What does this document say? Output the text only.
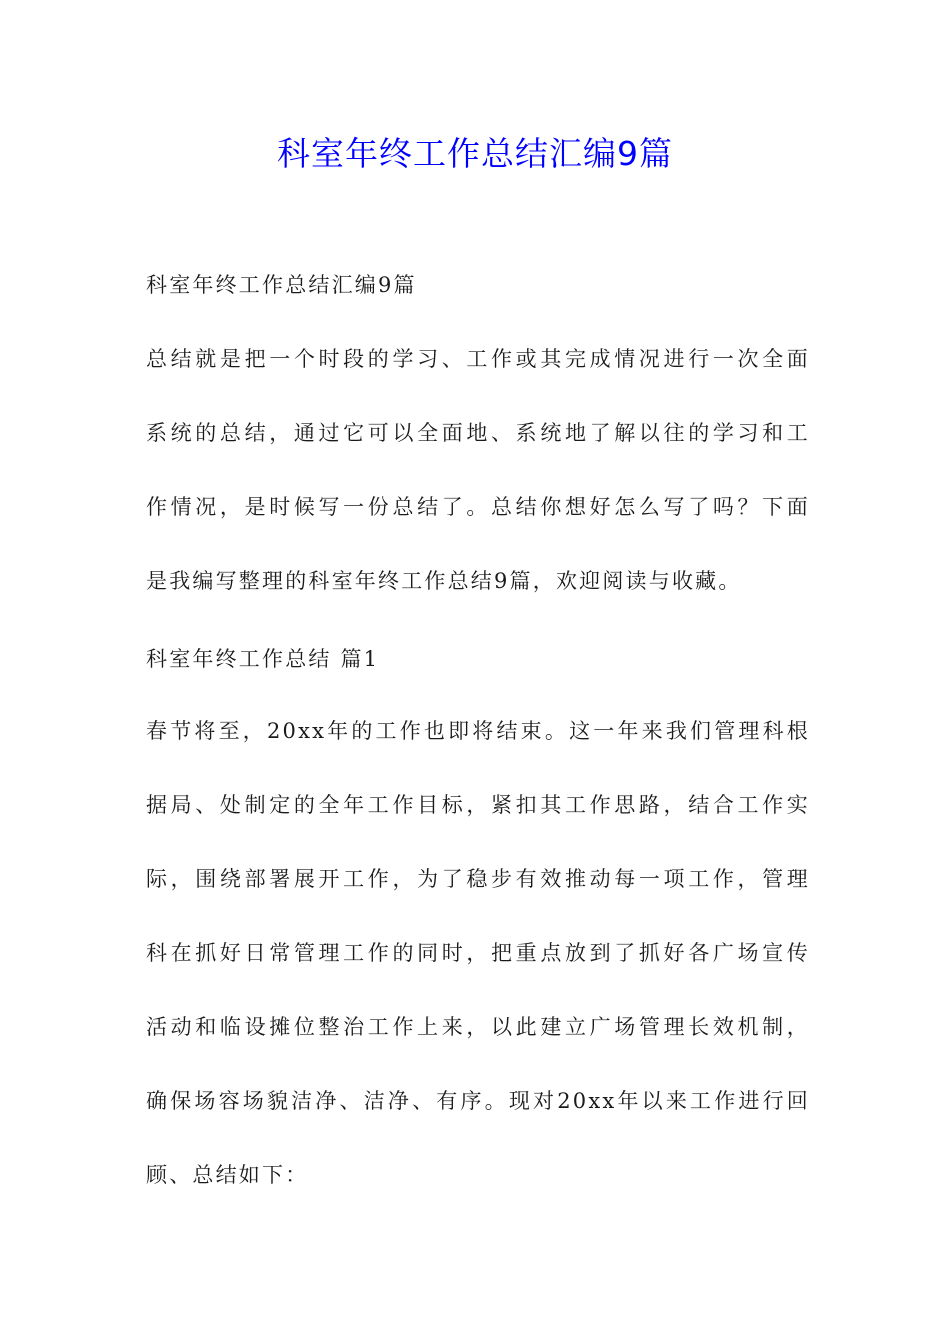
科室年终工作总结汇编9篇
科室年终工作总结汇编9篇
总结就是把一个时段的学习、工作或其完成情况进行一次全面
系统的总结，通过它可以全面地、系统地了解以往的学习和工
作情况，是时候写一份总结了。总结你想好怎么写了吗？下面
是我编写整理的科室年终工作总结9篇，欢迎阅读与收藏。
科室年终工作总结 篇1
春节将至，20xx年的工作也即将结束。这一年来我们管理科根
据局、处制定的全年工作目标，紧扣其工作思路，结合工作实
际，围绕部署展开工作，为了稳步有效推动每一项工作，管理
科在抓好日常管理工作的同时，把重点放到了抓好各广场宣传
活动和临设摊位整治工作上来，以此建立广场管理长效机制，
确保场容场貌洁净、洁净、有序。现对20xx年以来工作进行回
顾、总结如下：
